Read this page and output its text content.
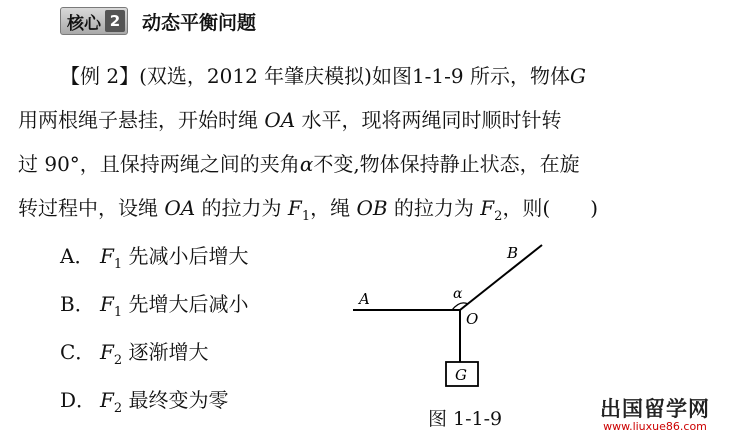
核心 2 动态平衡问题
【例 2】(双选，2012 年肇庆模拟)如图1-1-9 所示，物体G
用两根绳子悬挂，开始时绳 OA 水平，现将两绳同时顺时针转
过 90°，且保持两绳之间的夹角α不变,物体保持静止状态，在旋
转过程中，设绳 OA 的拉力为 $F_1$，绳 OB 的拉力为 $F_2$，则(　　)
A． $F_1$ 先减小后增大
B． $F_1$ 先增大后减小
C． $F_2$ 逐渐增大
D． $F_2$ 最终变为零
A
B
O
α
G
图 1-1-9	出国留学网
www.liuxue86.com
